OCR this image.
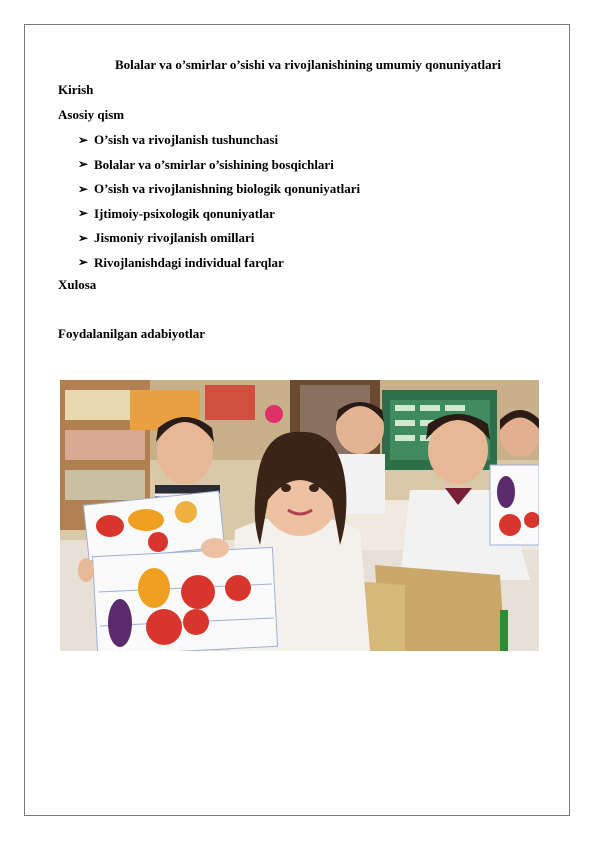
Bolalar va o’smirlar o’sishi va rivojlanishining umumiy qonuniyatlari
Kirish
Asosiy qism
➢ O’sish va rivojlanish tushunchasi
➢ Bolalar va o’smirlar o’sishining bosqichlari
➢ O’sish va rivojlanishning biologik qonuniyatlari
➢ Ijtimoiy-psixologik qonuniyatlar
➢ Jismoniy rivojlanish omillari
➢ Rivojlanishdagi individual farqlar
Xulosa
Foydalanilgan adabiyotlar
